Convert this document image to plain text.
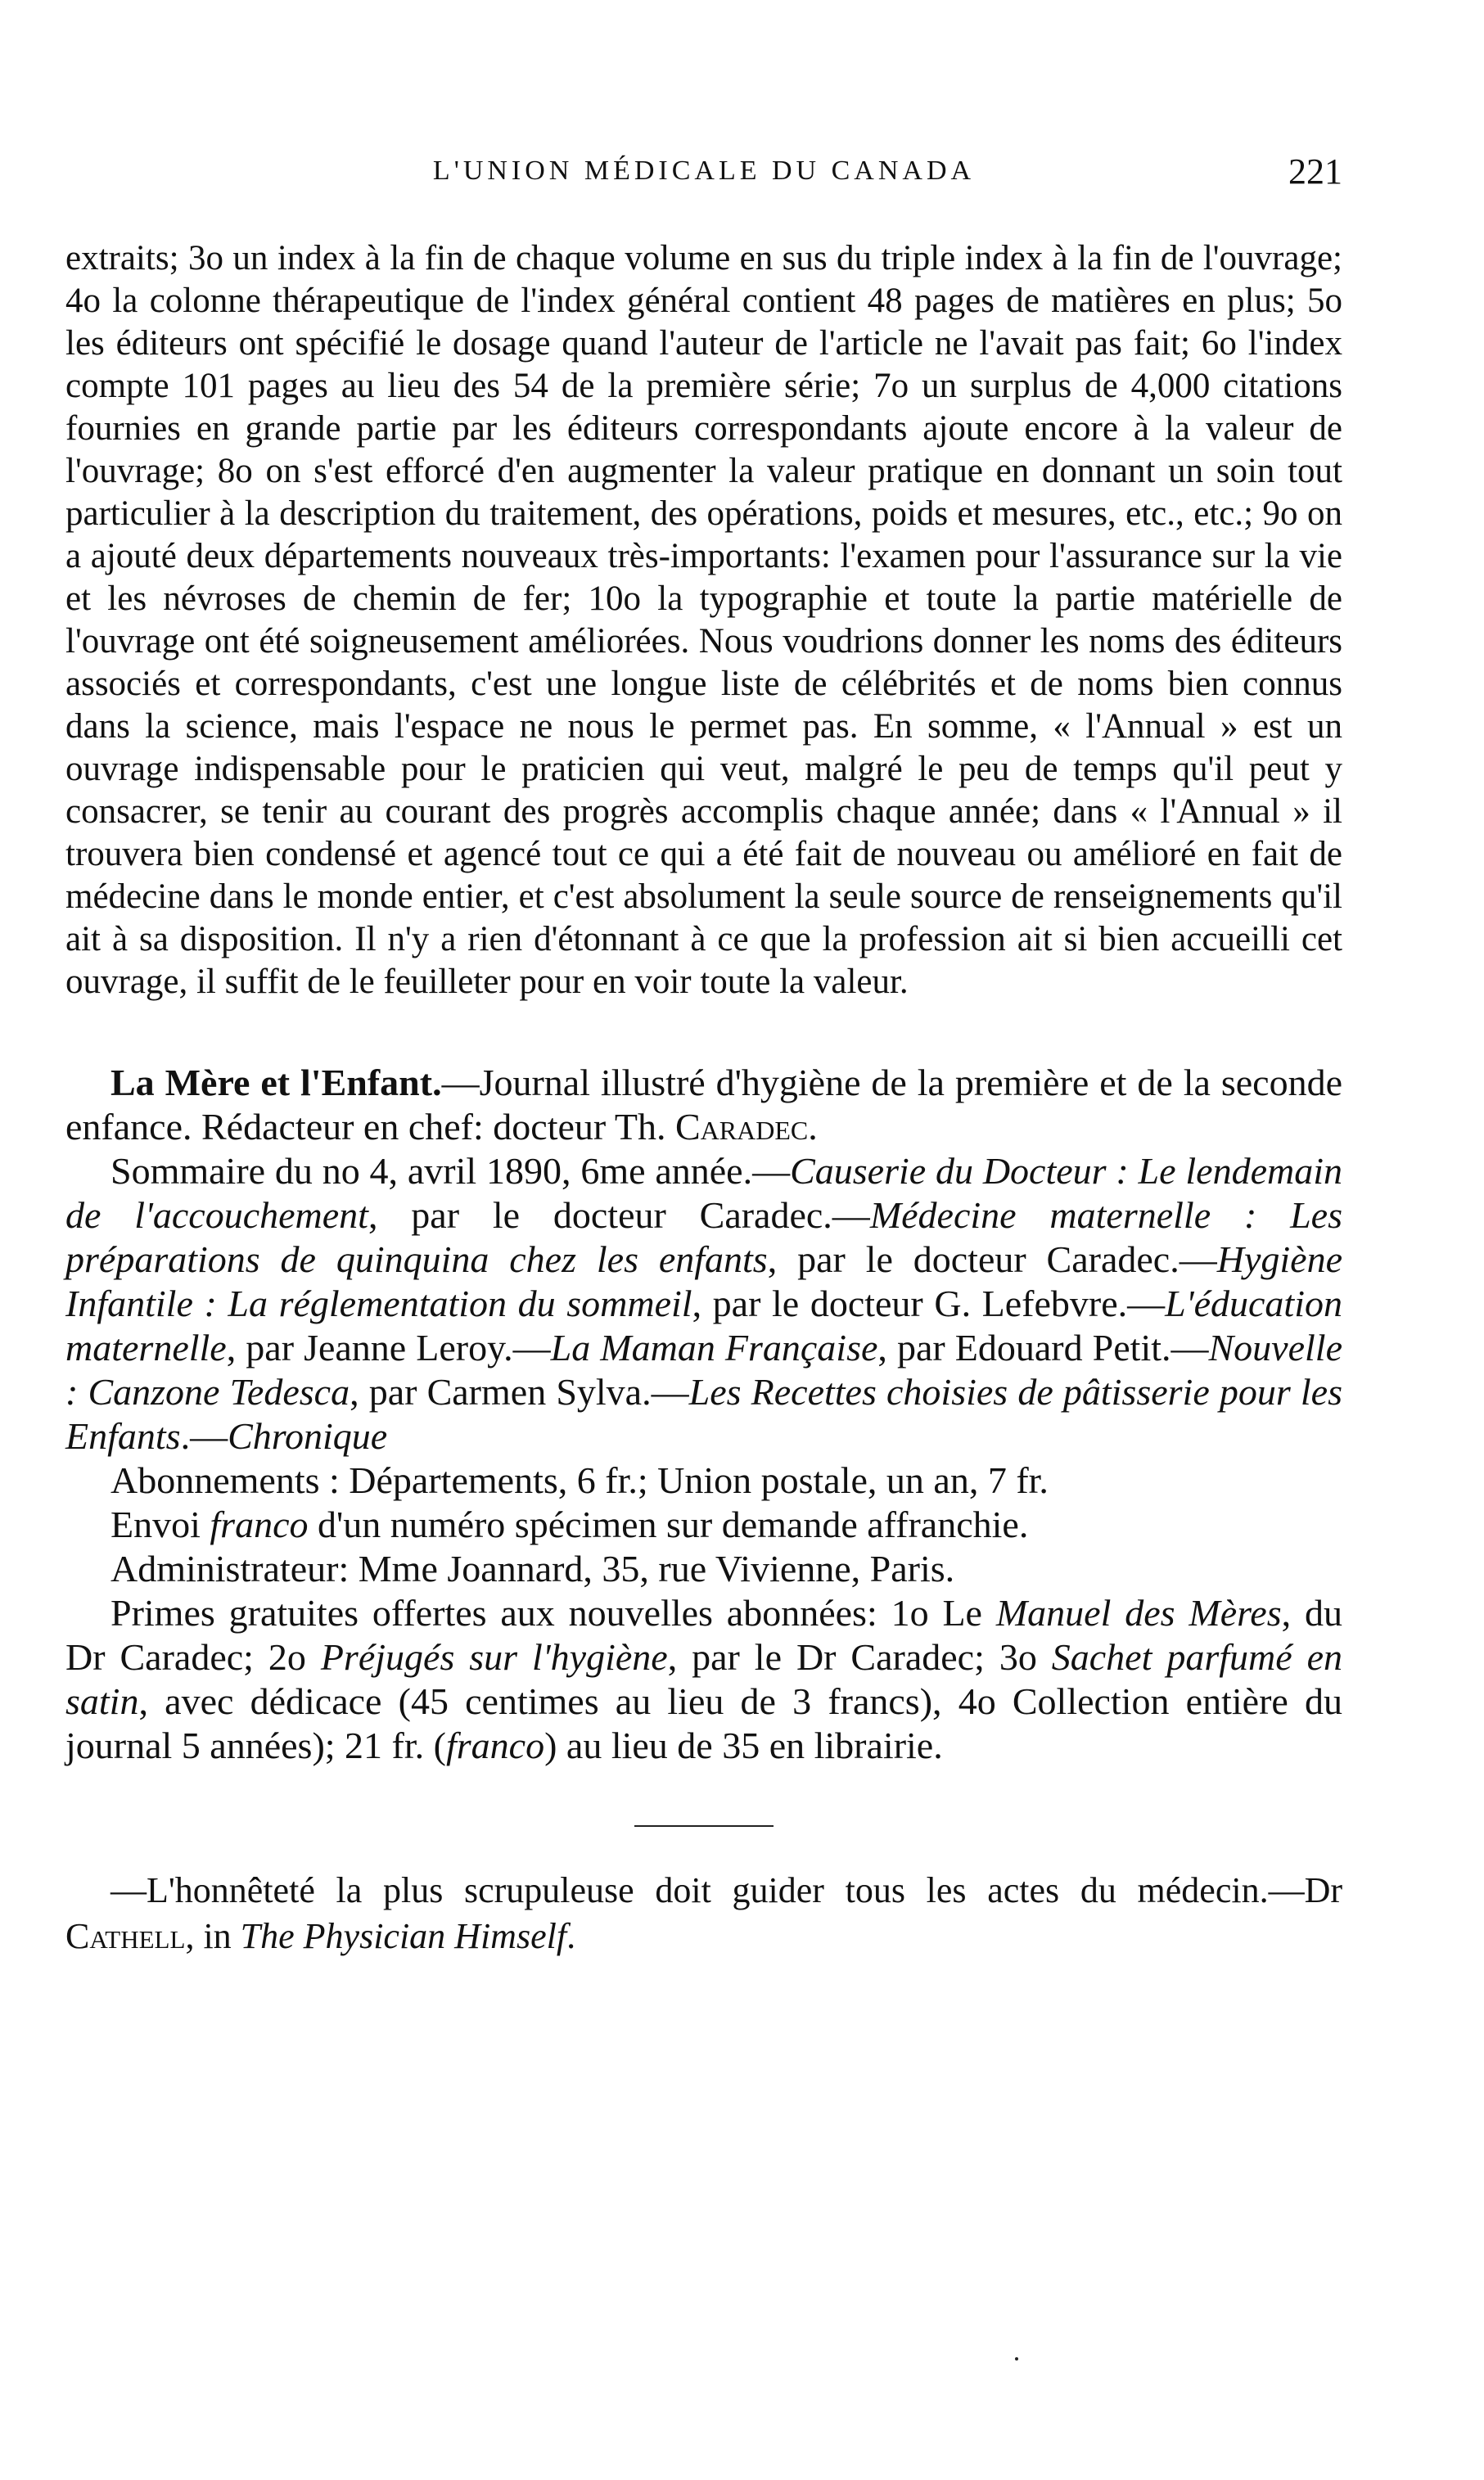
L'UNION MÉDICALE DU CANADA	221

extraits; 3o un index à la fin de chaque volume en sus du triple index à la fin de l'ouvrage; 4o la colonne thérapeutique de l'index général contient 48 pages de matières en plus; 5o les éditeurs ont spécifié le dosage quand l'auteur de l'article ne l'avait pas fait; 6o l'index compte 101 pages au lieu des 54 de la première série; 7o un surplus de 4,000 citations fournies en grande partie par les éditeurs correspondants ajoute encore à la valeur de l'ouvrage; 8o on s'est efforcé d'en augmenter la valeur pratique en donnant un soin tout particulier à la description du traitement, des opérations, poids et mesures, etc., etc.; 9o on a ajouté deux départements nouveaux très-importants: l'examen pour l'assurance sur la vie et les névroses de chemin de fer; 10o la typographie et toute la partie matérielle de l'ouvrage ont été soigneusement améliorées. Nous voudrions donner les noms des éditeurs associés et correspondants, c'est une longue liste de célébrités et de noms bien connus dans la science, mais l'espace ne nous le permet pas. En somme, « l'Annual » est un ouvrage indispensable pour le praticien qui veut, malgré le peu de temps qu'il peut y consacrer, se tenir au courant des progrès accomplis chaque année; dans « l'Annual » il trouvera bien condensé et agencé tout ce qui a été fait de nouveau ou amélioré en fait de médecine dans le monde entier, et c'est absolument la seule source de renseignements qu'il ait à sa disposition. Il n'y a rien d'étonnant à ce que la profession ait si bien accueilli cet ouvrage, il suffit de le feuilleter pour en voir toute la valeur.

La Mère et l'Enfant.—Journal illustré d'hygiène de la première et de la seconde enfance. Rédacteur en chef: docteur Th. Caradec.

Sommaire du no 4, avril 1890, 6me année.—Causerie du Docteur : Le lendemain de l'accouchement, par le docteur Caradec.—Médecine maternelle : Les préparations de quinquina chez les enfants, par le docteur Caradec.—Hygiène Infantile : La réglementation du sommeil, par le docteur G. Lefebvre.—L'éducation maternelle, par Jeanne Leroy.—La Maman Française, par Edouard Petit.—Nouvelle : Canzone Tedesca, par Carmen Sylva.—Les Recettes choisies de pâtisserie pour les Enfants.—Chronique

Abonnements : Départements, 6 fr.; Union postale, un an, 7 fr.

Envoi franco d'un numéro spécimen sur demande affranchie.

Administrateur: Mme Joannard, 35, rue Vivienne, Paris.

Primes gratuites offertes aux nouvelles abonnées: 1o Le Manuel des Mères, du Dr Caradec; 2o Préjugés sur l'hygiène, par le Dr Caradec; 3o Sachet parfumé en satin, avec dédicace (45 centimes au lieu de 3 francs), 4o Collection entière du journal 5 années); 21 fr. (franco) au lieu de 35 en librairie.

—L'honnêteté la plus scrupuleuse doit guider tous les actes du médecin.—Dr Cathell, in The Physician Himself.
